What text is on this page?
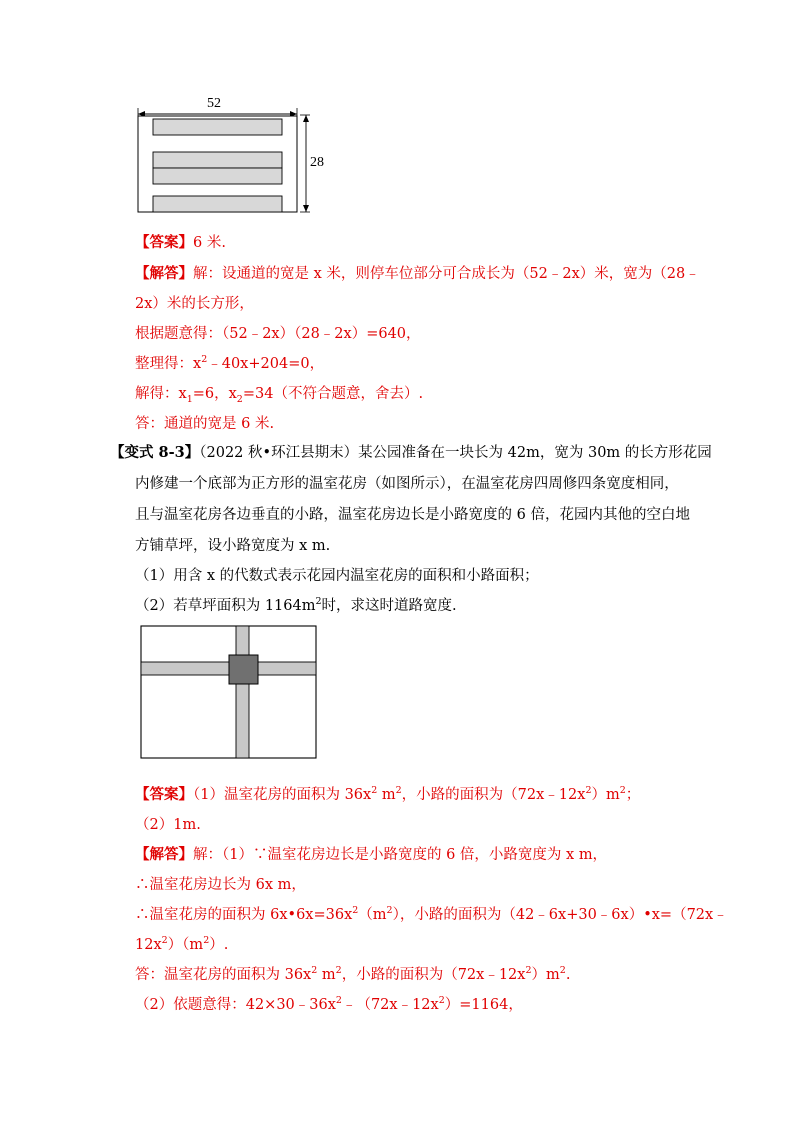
52
28
【答案】6 米.
【解答】解：设通道的宽是 x 米，则停车位部分可合成长为（52﹣2x）米，宽为（28﹣
2x）米的长方形，
根据题意得：（52﹣2x）（28﹣2x）=640，
整理得：$x^2﹣40x+204=0$，
解得：$x_1=6$，$x_2=34$（不符合题意，舍去）.
答：通道的宽是 6 米.
【变式 8-3】（2022 秋•环江县期末）某公园准备在一块长为 42m，宽为 30m 的长方形花园
内修建一个底部为正方形的温室花房（如图所示），在温室花房四周修四条宽度相同，
且与温室花房各边垂直的小路，温室花房边长是小路宽度的 6 倍，花园内其他的空白地
方铺草坪，设小路宽度为 x m.
（1）用含 x 的代数式表示花园内温室花房的面积和小路面积；
（2）若草坪面积为 $1164m^2$时，求这时道路宽度.
【答案】（1）温室花房的面积为 $36x^2$ $m^2$，小路的面积为$(72x﹣12x^2)m^2$；
（2）1m.
【解答】解：（1）∵温室花房边长是小路宽度的 6 倍，小路宽度为 x m，
∴温室花房边长为 6x m，
∴温室花房的面积为 $6x•6x=36x^2(m^2)$，小路的面积为（42﹣6x+30﹣6x）•x=（72x﹣
$12x^2)(m^2)$.
答：温室花房的面积为 $36x^2$ $m^2$，小路的面积为$(72x﹣12x^2)m^2$.
（2）依题意得：$42\times 30﹣36x^2﹣(72x﹣12x^2)=1164$，
